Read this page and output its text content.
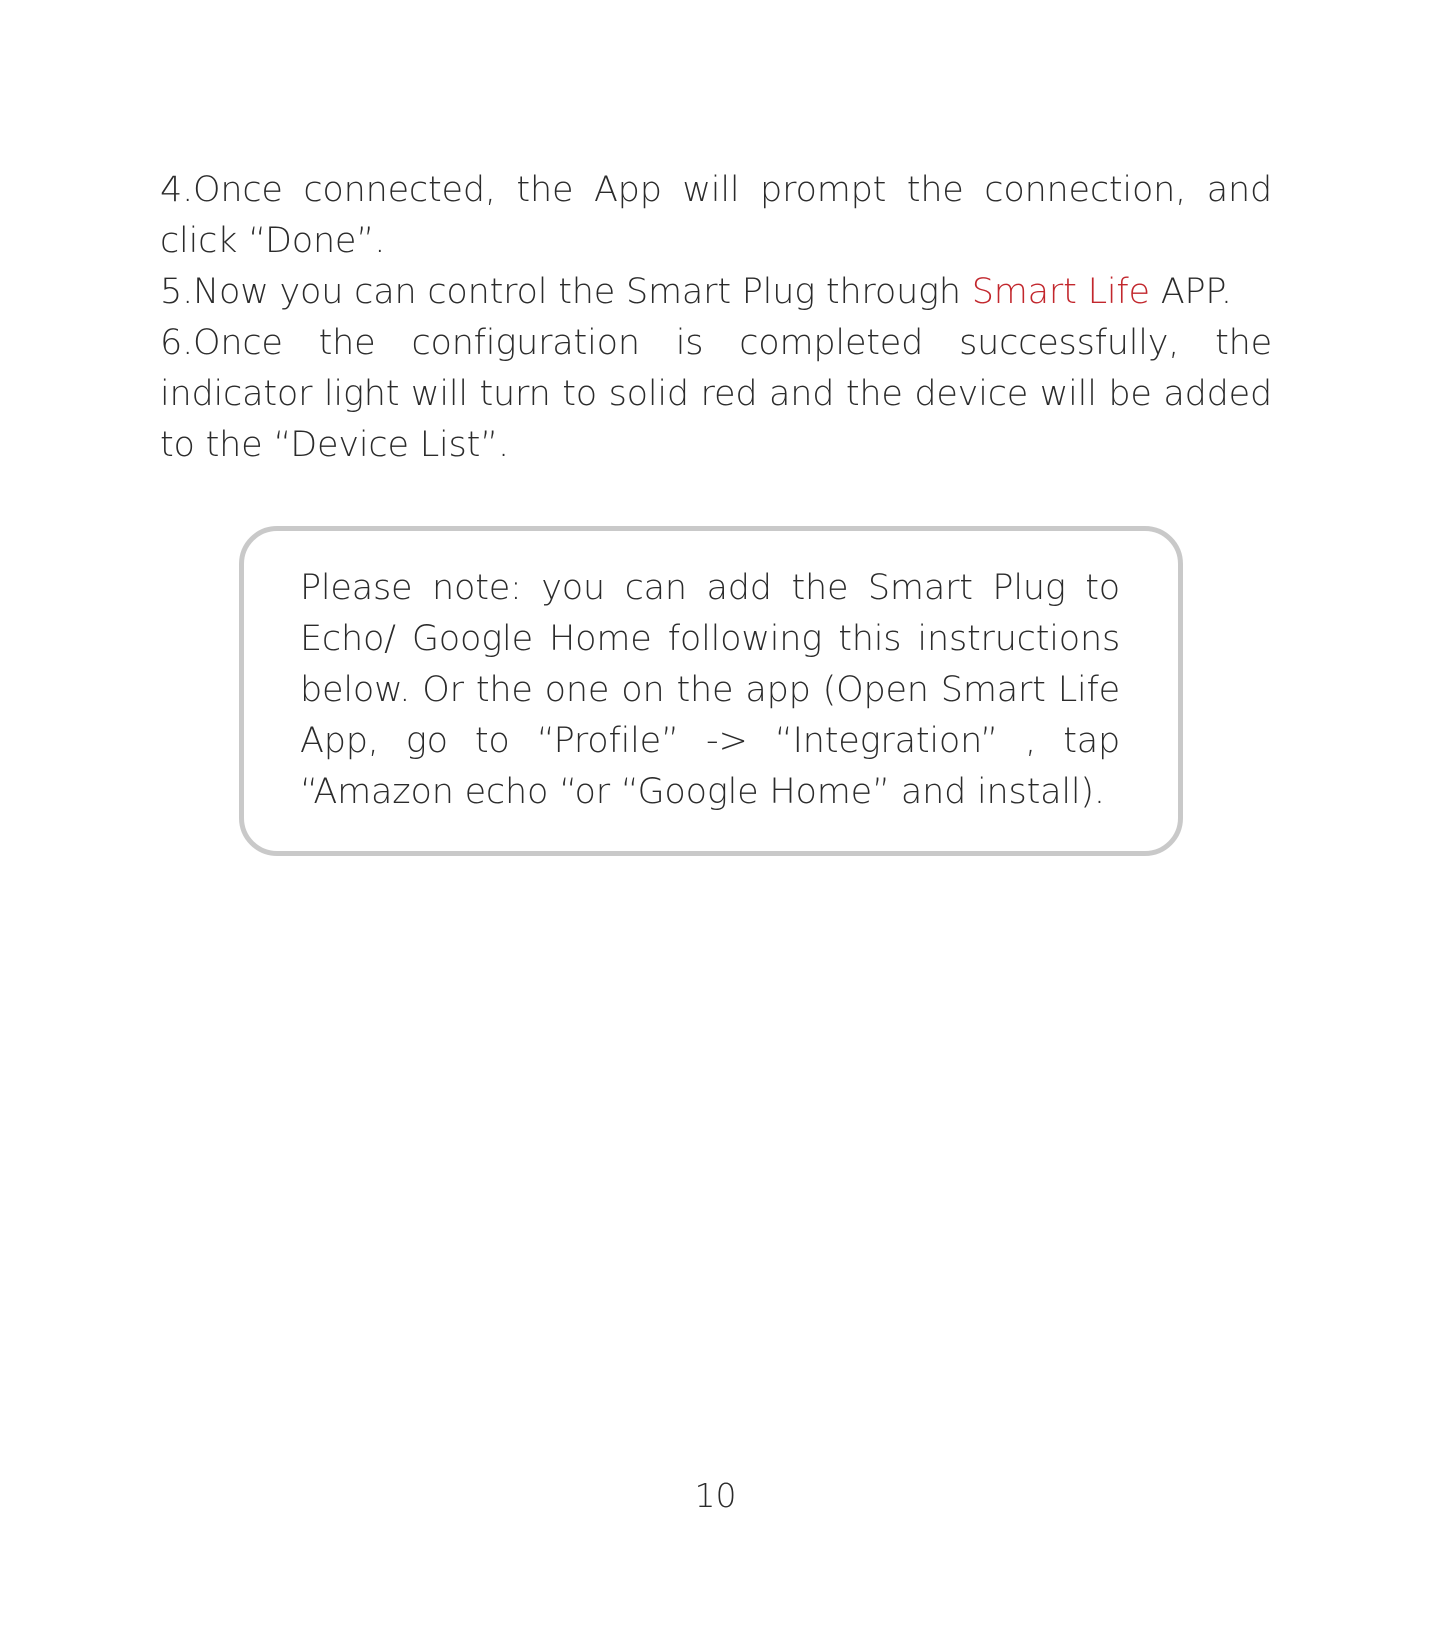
4.Once connected, the App will prompt the connection, and click “Done”.

5.Now you can control the Smart Plug through Smart Life APP.

6.Once the configuration is completed successfully, the indicator light will turn to solid red and the device will be added to the “Device List”.

Please note: you can add the Smart Plug to Echo/ Google Home following this instructions below. Or the one on the app (Open Smart Life App, go to “Profile” -> “Integration” , tap “Amazon echo “or “Google Home” and install).

10
